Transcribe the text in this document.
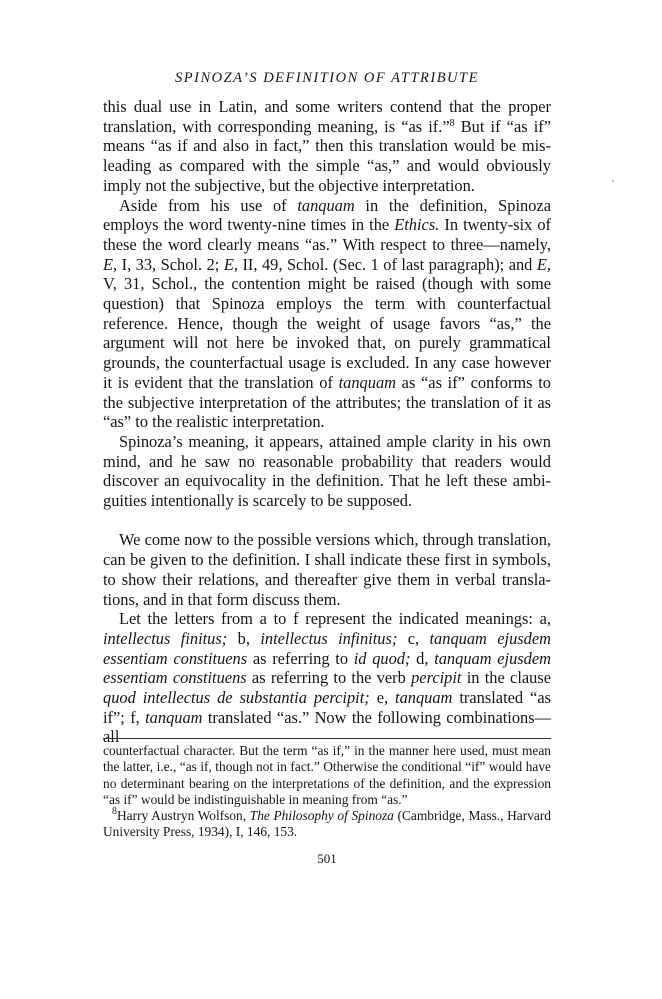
SPINOZA’S DEFINITION OF ATTRIBUTE

this dual use in Latin, and some writers contend that the proper translation, with corresponding meaning, is “as if.”$^8$ But if “as if” means “as if and also in fact,” then this translation would be misleading as compared with the simple “as,” and would obviously imply not the subjective, but the objective interpretation.

Aside from his use of tanquam in the definition, Spinoza employs the word twenty-nine times in the Ethics. In twenty-six of these the word clearly means “as.” With respect to three—namely, E, I, 33, Schol. 2; E, II, 49, Schol. (Sec. 1 of last paragraph); and E, V, 31, Schol., the contention might be raised (though with some question) that Spinoza employs the term with counterfactual reference. Hence, though the weight of usage favors “as,” the argument will not here be invoked that, on purely grammatical grounds, the counterfactual usage is excluded. In any case however it is evident that the translation of tanquam as “as if” conforms to the subjective interpretation of the attributes; the translation of it as “as” to the realistic interpretation.

Spinoza’s meaning, it appears, attained ample clarity in his own mind, and he saw no reasonable probability that readers would discover an equivocality in the definition. That he left these ambiguities intentionally is scarcely to be supposed.

We come now to the possible versions which, through translation, can be given to the definition. I shall indicate these first in symbols, to show their relations, and thereafter give them in verbal translations, and in that form discuss them.

Let the letters from a to f represent the indicated meanings: a, intellectus finitus; b, intellectus infinitus; c, tanquam ejusdem essentiam constituens as referring to id quod; d, tanquam ejusdem essentiam constituens as referring to the verb percipit in the clause quod intellectus de substantia percipit; e, tanquam translated “as if”; f, tanquam translated “as.” Now the following combinations—all

counterfactual character. But the term “as if,” in the manner here used, must mean the latter, i.e., “as if, though not in fact.” Otherwise the conditional “if” would have no determinant bearing on the interpretations of the definition, and the expression “as if” would be indistinguishable in meaning from “as.”

$^8$Harry Austryn Wolfson, The Philosophy of Spinoza (Cambridge, Mass., Harvard University Press, 1934), I, 146, 153.

501
